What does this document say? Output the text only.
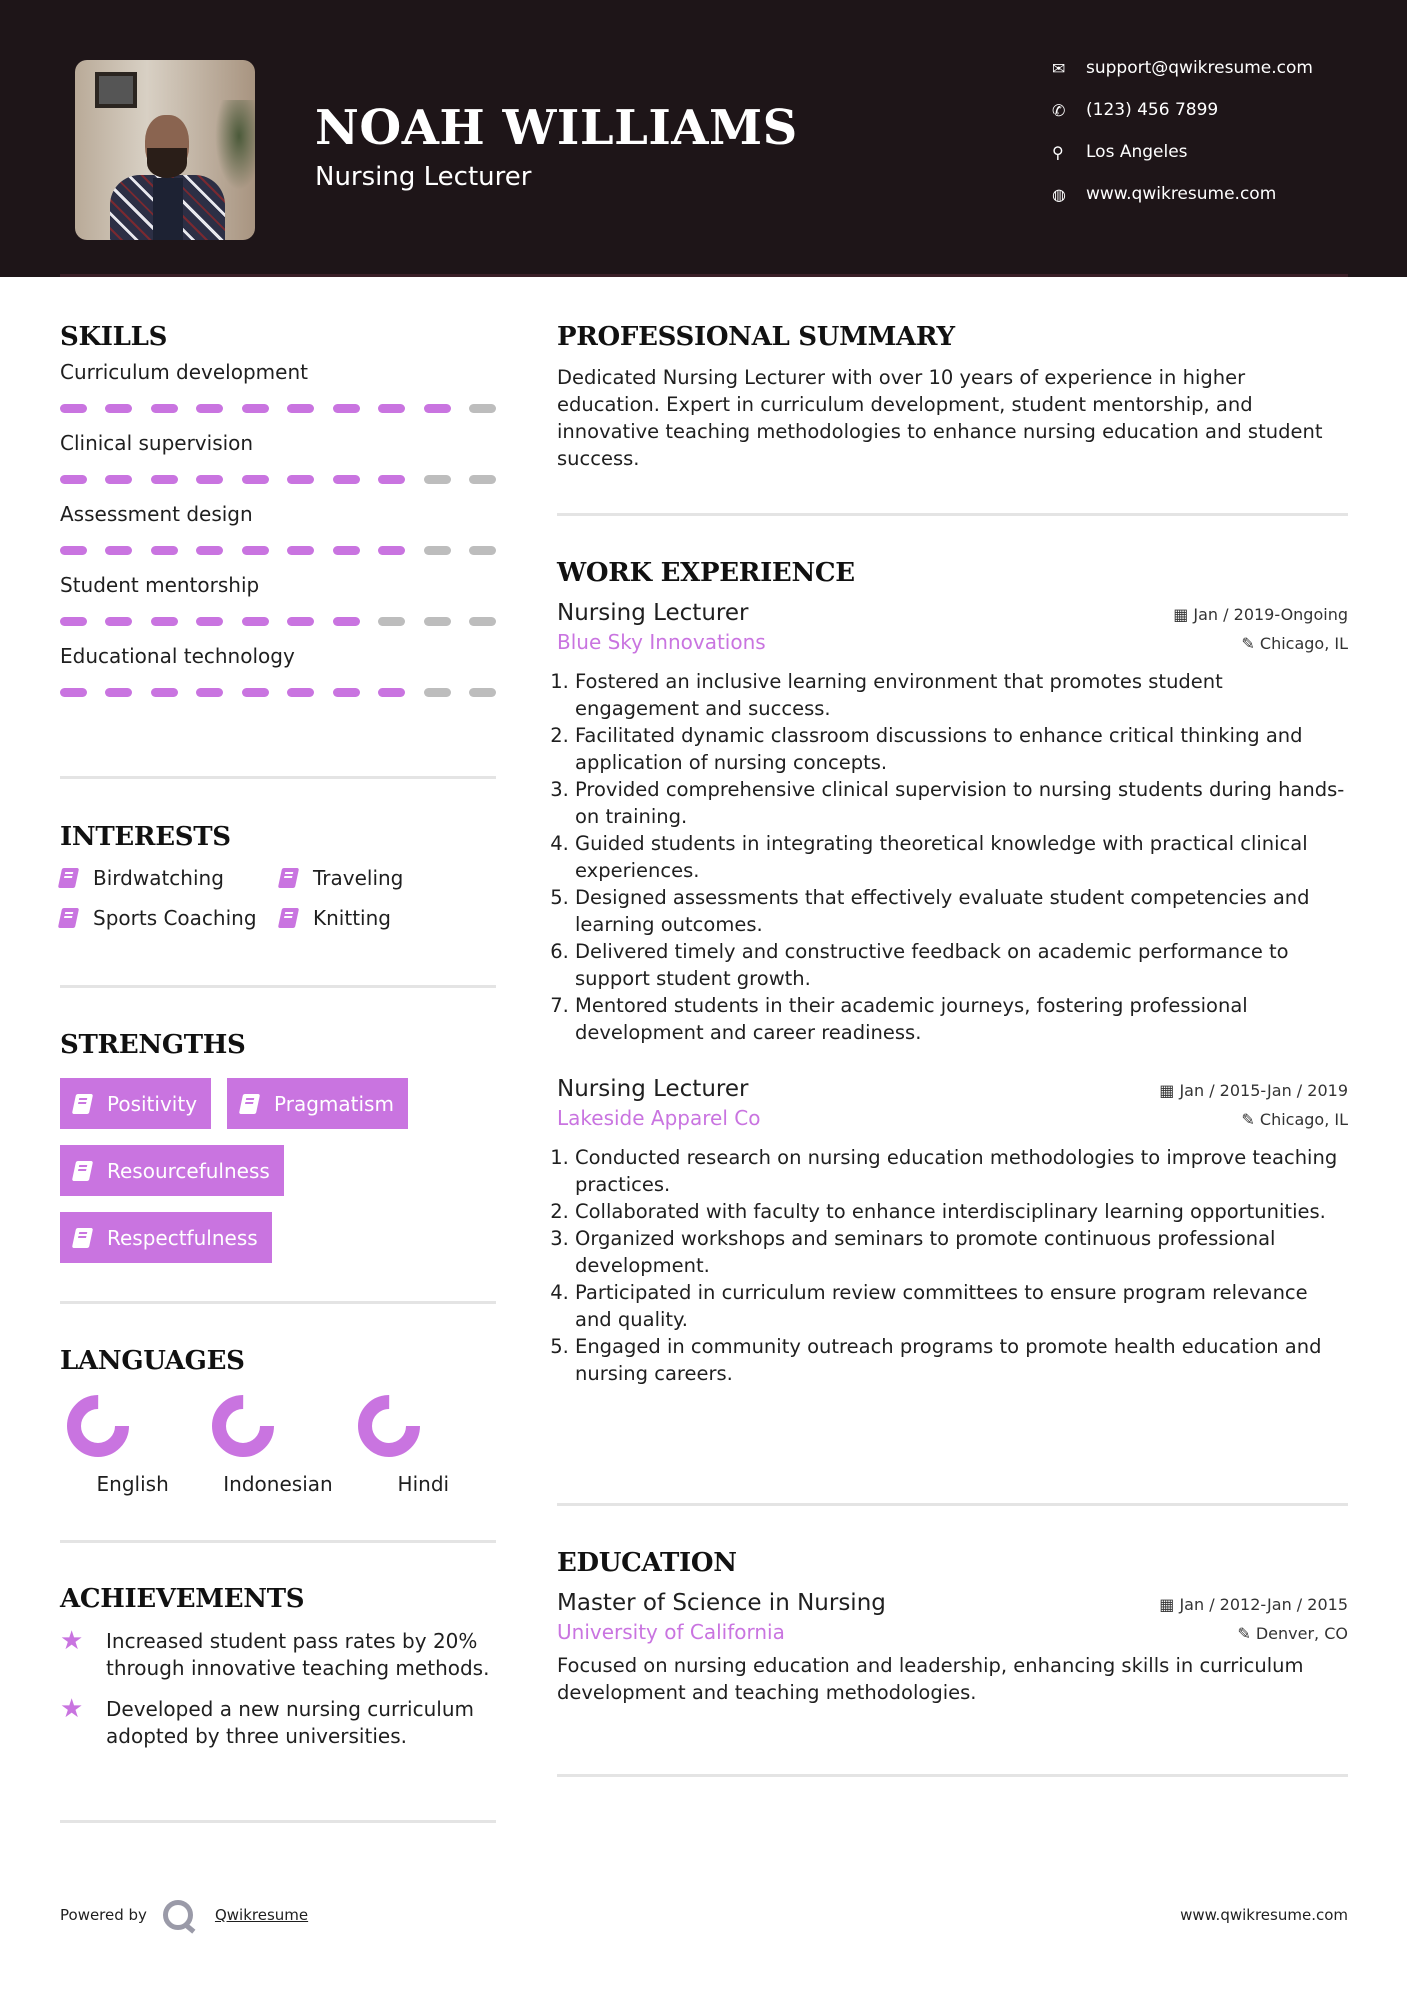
NOAH WILLIAMS
Nursing Lecturer
✉	support@qwikresume.com
✆	(123) 456 7899
⚲	Los Angeles
◍	www.qwikresume.com
SKILLS
Curriculum development
Clinical supervision
Assessment design
Student mentorship
Educational technology
INTERESTS
Birdwatching	Traveling
Sports Coaching	Knitting
STRENGTHS
Positivity	Pragmatism
Resourcefulness
Respectfulness
LANGUAGES
English	Indonesian	Hindi
ACHIEVEMENTS
★	Increased student pass rates by 20% through innovative teaching methods.
★	Developed a new nursing curriculum adopted by three universities.
PROFESSIONAL SUMMARY
Dedicated Nursing Lecturer with over 10 years of experience in higher education. Expert in curriculum development, student mentorship, and innovative teaching methodologies to enhance nursing education and student success.
WORK EXPERIENCE
Nursing Lecturer	▦ Jan / 2019-Ongoing
Blue Sky Innovations	✎ Chicago, IL
1. Fostered an inclusive learning environment that promotes student engagement and success.
2. Facilitated dynamic classroom discussions to enhance critical thinking and application of nursing concepts.
3. Provided comprehensive clinical supervision to nursing students during hands-on training.
4. Guided students in integrating theoretical knowledge with practical clinical experiences.
5. Designed assessments that effectively evaluate student competencies and learning outcomes.
6. Delivered timely and constructive feedback on academic performance to support student growth.
7. Mentored students in their academic journeys, fostering professional development and career readiness.
Nursing Lecturer	▦ Jan / 2015-Jan / 2019
Lakeside Apparel Co	✎ Chicago, IL
1. Conducted research on nursing education methodologies to improve teaching practices.
2. Collaborated with faculty to enhance interdisciplinary learning opportunities.
3. Organized workshops and seminars to promote continuous professional development.
4. Participated in curriculum review committees to ensure program relevance and quality.
5. Engaged in community outreach programs to promote health education and nursing careers.
EDUCATION
Master of Science in Nursing	▦ Jan / 2012-Jan / 2015
University of California	✎ Denver, CO
Focused on nursing education and leadership, enhancing skills in curriculum development and teaching methodologies.
Powered by	Qwikresume	www.qwikresume.com
